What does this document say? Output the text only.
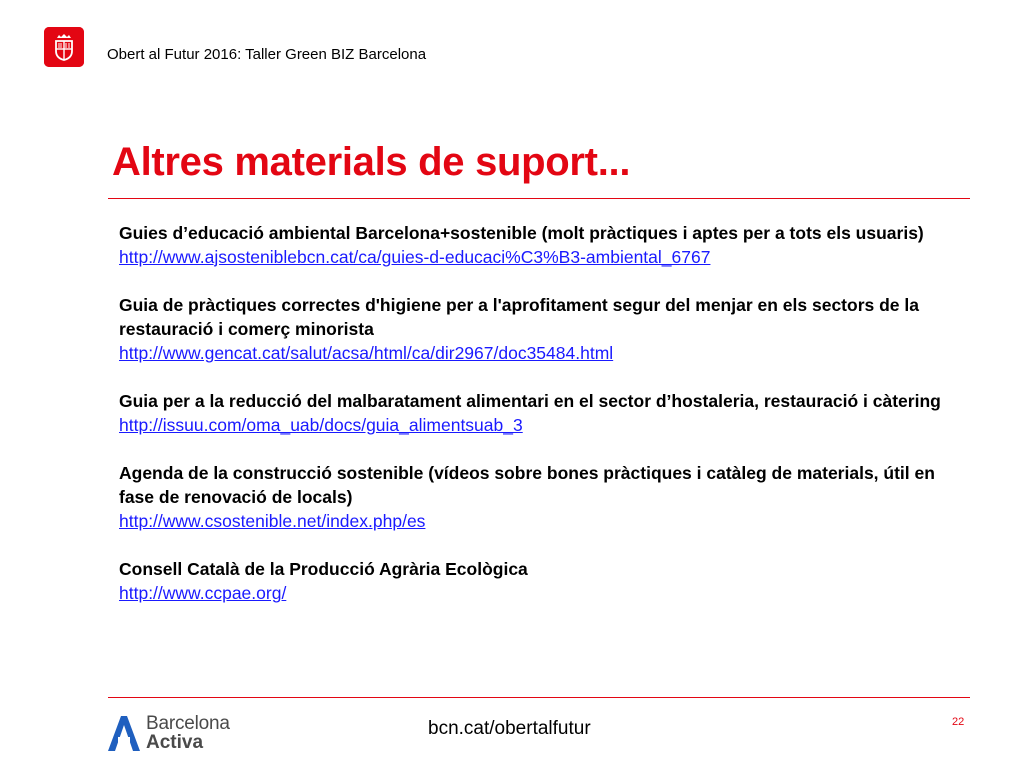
Obert al Futur 2016: Taller Green BIZ Barcelona
Altres materials de suport...
Guies d’educació ambiental Barcelona+sostenible (molt pràctiques i aptes per a tots els usuaris) http://www.ajsosteniblebcn.cat/ca/guies-d-educaci%C3%B3-ambiental_6767
Guia de pràctiques correctes d'higiene per a l'aprofitament segur del menjar en els sectors de la restauració i comerç minorista
http://www.gencat.cat/salut/acsa/html/ca/dir2967/doc35484.html
Guia per a la reducció del malbaratament alimentari en el sector d’hostaleria, restauració i càtering
http://issuu.com/oma_uab/docs/guia_alimentsuab_3
Agenda de la construcció sostenible (vídeos sobre bones pràctiques i catàleg de materials, útil en fase de renovació de locals)
http://www.csostenible.net/index.php/es
Consell Català de la Producció Agrària Ecològica
http://www.ccpae.org/
Barcelona
Activa
bcn.cat/obertalfutur	22
